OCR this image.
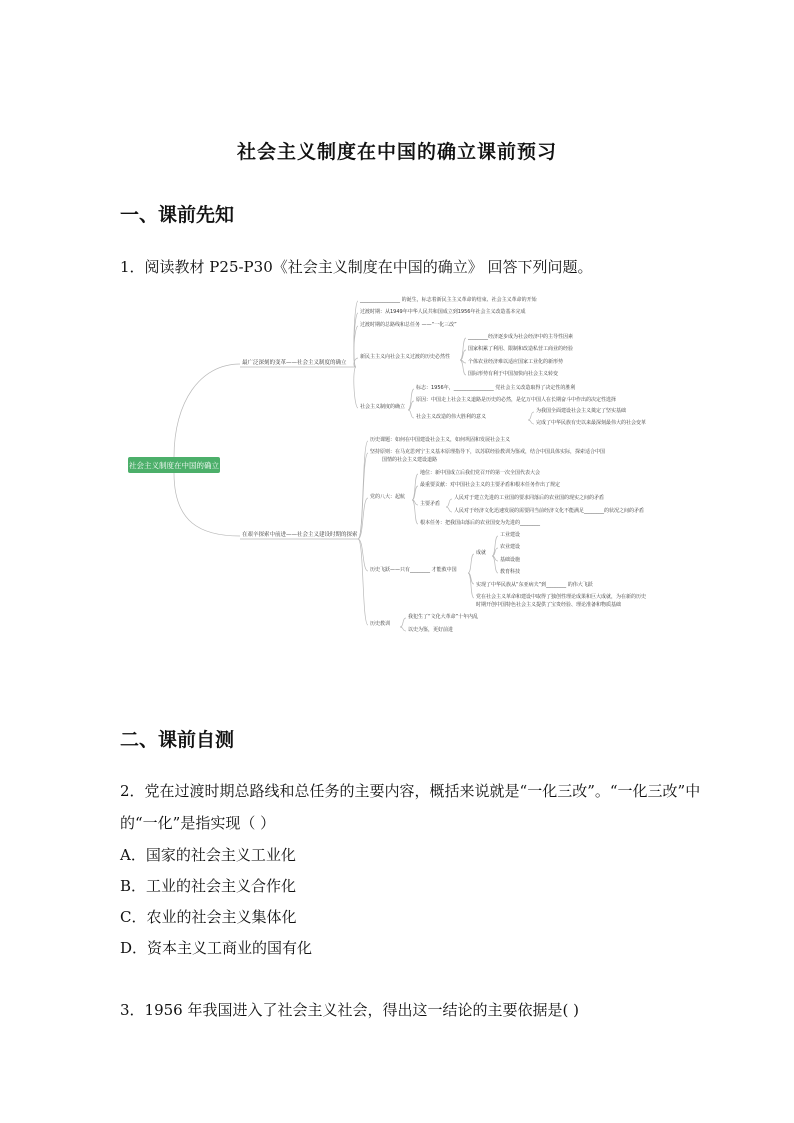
社会主义制度在中国的确立课前预习
一、课前先知
1．阅读教材 P25-P30《社会主义制度在中国的确立》 回答下列问题。
社会主义制度在中国的确立
最广泛深刻的变革——社会主义制度的确立
________________ 的诞生，标志着新民主主义革命的结束、社会主义革命的开始
过渡时期：从1949年中华人民共和国成立到1956年社会主义改造基本完成
过渡时期的总路线和总任务 ——“一化三改”
新民主主义向社会主义过渡的历史必然性
________经济逐步成为社会经济中的主导性因素
国家积累了利用、限制和改造私营工商业的经验
个体农业经济难以适应国家工业化的新形势
国际形势有利于中国加快向社会主义转变
社会主义制度的确立
标志：1956年，________________ 党社会主义改造取得了决定性的胜利
原因：中国走上社会主义道路是历史的必然，是亿万中国人在长期奋斗中作出的决定性选择
社会主义改造的伟大胜利的意义
为我国全面建设社会主义奠定了坚实基础
完成了中华民族有史以来最深刻最伟大的社会变革
在艰辛探索中前进——社会主义建设时期的探索
历史课题：如何在中国建设社会主义，如何巩固和发展社会主义
坚持原则：在马克思列宁主义基本原理指导下，以苏联经验教训为鉴戒，结合中国具体实际，探索适合中国
国情的社会主义建设道路
党的八大：起航
地位：新中国成立后我们党召开的第一次全国代表大会
最重要贡献：对中国社会主义的主要矛盾和根本任务作出了规定
主要矛盾
人民对于建立先进的工业国的要求同落后的农业国的现实之间的矛盾
人民对于经济文化迅速发展的需要同当前经济文化不能满足________的状况之间的矛盾
根本任务：把我国由落后的农业国变为先进的________
历史飞跃——只有________ 才能救中国
成就
工业建设
农业建设
基础设施
教育科技
实现了中华民族从“东亚病夫”到________ 的伟大飞跃
党在社会主义革命和建设中取得了独创性理论成果和巨大成就，为在新的历史
时期开创中国特色社会主义提供了宝贵经验、理论准备和物质基础
历史教训
我犯生了“文化大革命”十年内乱
以史为鉴，更好前进
二、课前自测
2．党在过渡时期总路线和总任务的主要内容，概括来说就是“一化三改”。“一化三改”中
的“一化”是指实现（ ）
A．国家的社会主义工业化
B．工业的社会主义合作化
C．农业的社会主义集体化
D．资本主义工商业的国有化
3．1956 年我国进入了社会主义社会，得出这一结论的主要依据是( )
